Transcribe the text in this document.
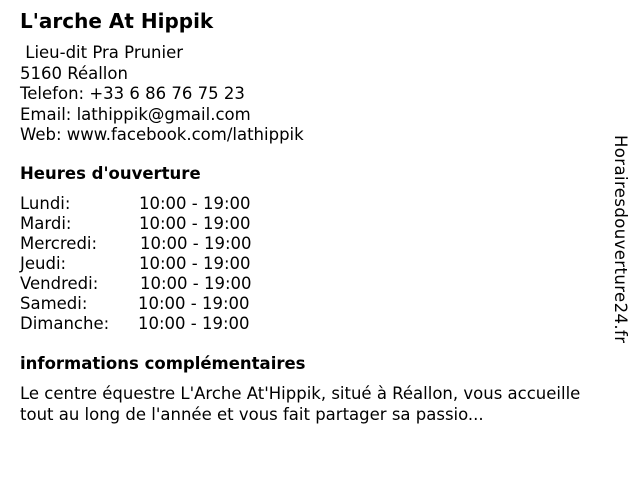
L'arche At Hippik
Lieu-dit Pra Prunier
5160 Réallon
Telefon: +33 6 86 76 75 23
Email: lathippik@gmail.com
Web: www.facebook.com/lathippik
Heures d'ouverture
Lundi:	10:00 - 19:00
Mardi:	10:00 - 19:00
Mercredi:	10:00 - 19:00
Jeudi:	10:00 - 19:00
Vendredi:	10:00 - 19:00
Samedi:	10:00 - 19:00
Dimanche: 10:00 - 19:00
informations complémentaires

Le centre équestre L'Arche At'Hippik, situé à Réallon, vous accueille tout au long de l'année et vous fait partager sa passio...

Horairesdouverture24.fr
